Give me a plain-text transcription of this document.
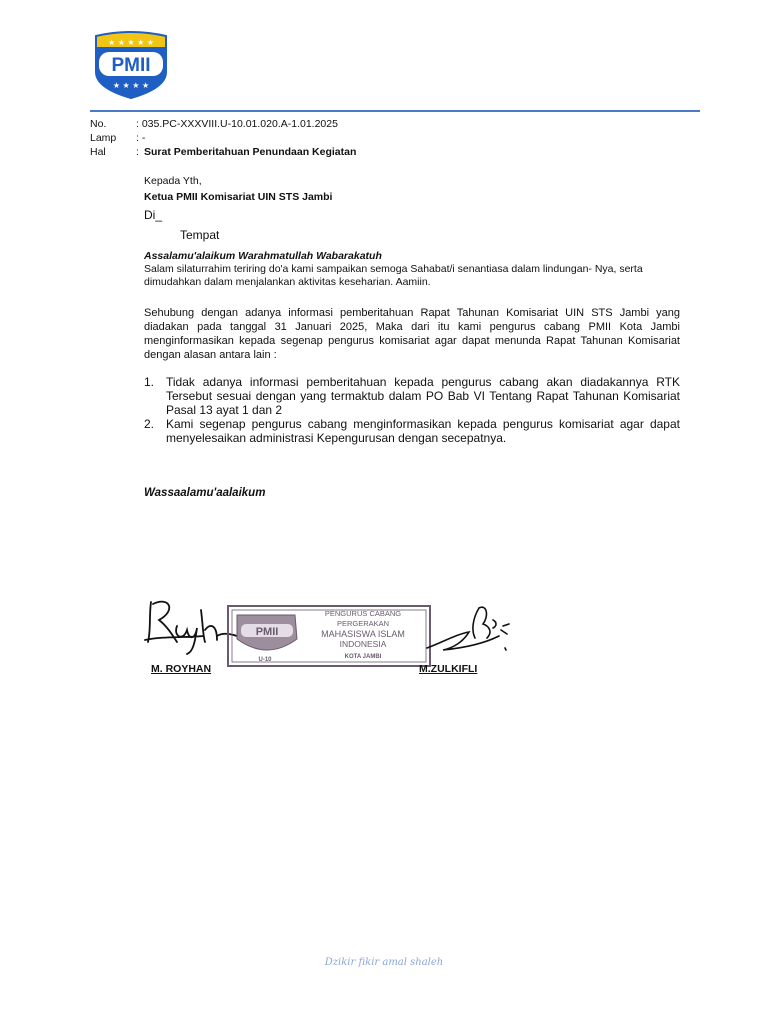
★ ★ ★ ★ ★
★ ★ ★ ★
PMII
No.	: 035.PC-XXXVIII.U-10.01.020.A-1.01.2025
Lamp	: -
Hal	: Surat Pemberitahuan Penundaan Kegiatan
Kepada Yth,
Ketua PMII Komisariat UIN STS Jambi
Di_
Tempat
Assalamu'alaikum Warahmatullah Wabarakatuh
Salam silaturrahim teriring do'a kami sampaikan semoga Sahabat/i senantiasa dalam lindungan- Nya, serta dimudahkan dalam menjalankan aktivitas keseharian. Aamiin.
Sehubung dengan adanya informasi pemberitahuan Rapat Tahunan Komisariat UIN STS Jambi yang diadakan pada tanggal 31 Januari 2025, Maka dari itu kami pengurus cabang PMII Kota Jambi menginformasikan kepada segenap pengurus komisariat agar dapat menunda Rapat Tahunan Komisariat dengan alasan antara lain :
1. Tidak adanya informasi pemberitahuan kepada pengurus cabang akan diadakannya RTK Tersebut sesuai dengan yang termaktub dalam PO Bab VI Tentang Rapat Tahunan Komisariat Pasal 13 ayat 1 dan 2
2. Kami segenap pengurus cabang menginformasikan kepada pengurus komisariat agar dapat menyelesaikan administrasi Kepengurusan dengan secepatnya.
Wassaalamu'aalaikum
PMII
U-10
PENGURUS CABANG
PERGERAKAN
MAHASISWA ISLAM
INDONESIA
KOTA JAMBI
M. ROYHAN	M.ZULKIFLI
Dzikir fikir amal shaleh
